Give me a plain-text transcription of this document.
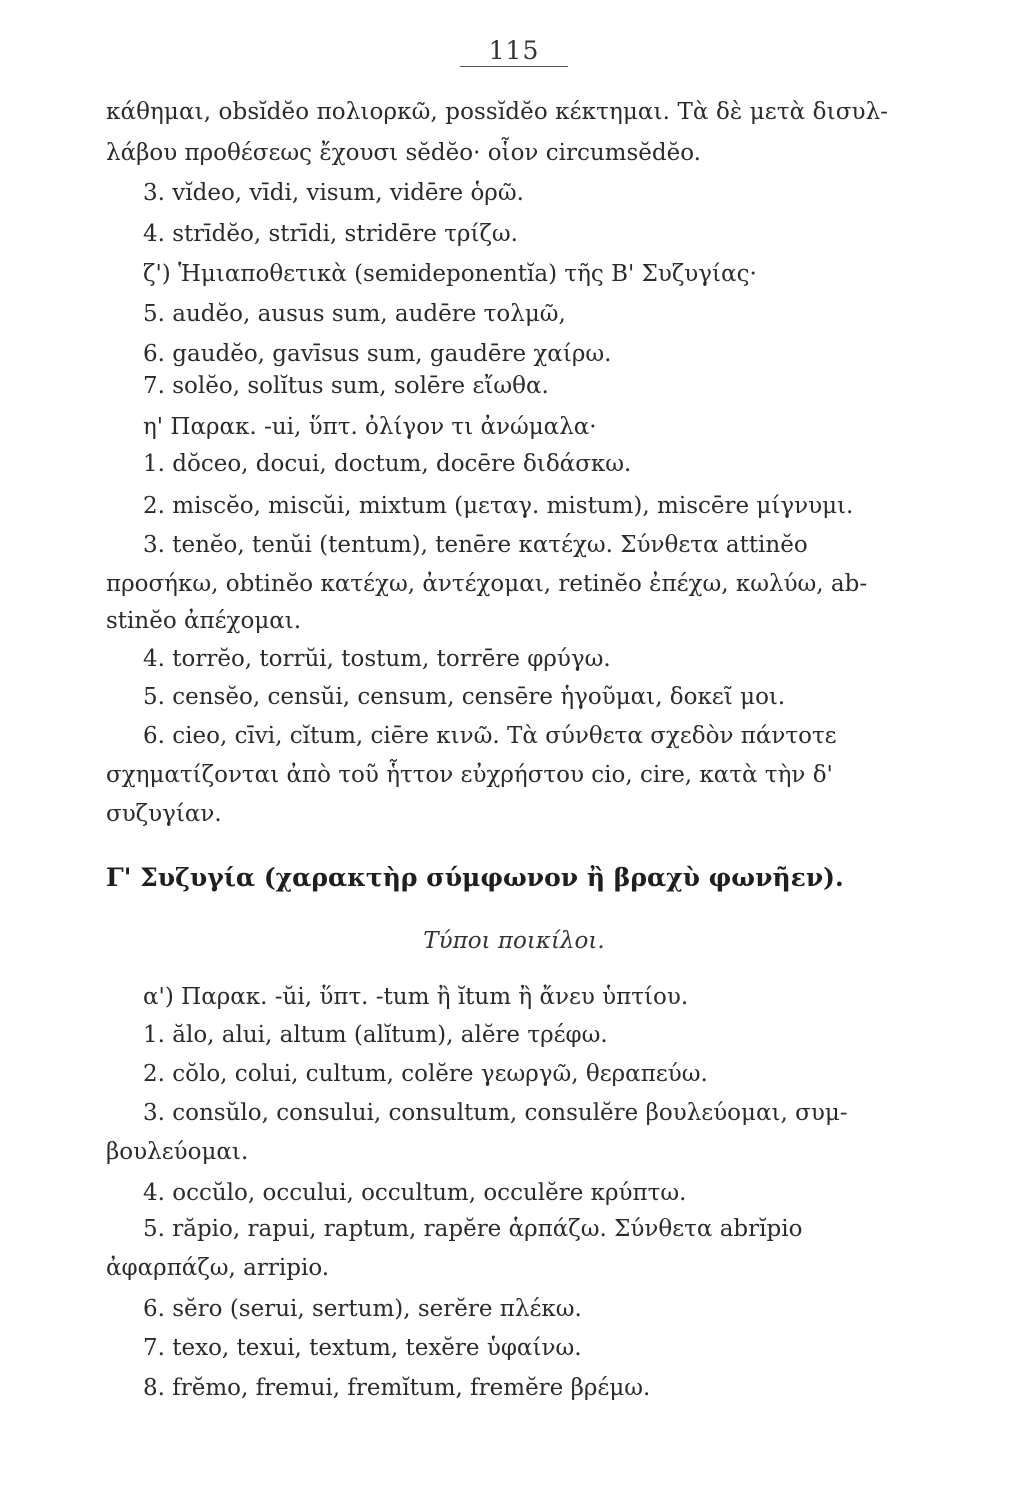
115
κάθημαι, obsĭdĕo πολιορκῶ, possĭdĕo κέκτημαι. Τὰ δὲ μετὰ δισυλ-
λάβου προθέσεως ἔχουσι sĕdĕo· οἷον circumsĕdĕo.
3. vĭdeo, vīdi, visum, vidēre ὁρῶ.
4. strīdĕo, strīdi, stridēre τρίζω.
ζ') Ἡμιαποθετικὰ (semideponentĭa) τῆς Β' Συζυγίας·
5. audĕo, ausus sum, audēre τολμῶ,
6. gaudĕo, gavīsus sum, gaudēre χαίρω.
7. solĕo, solĭtus sum, solēre εἴωθα.
η' Παρακ. -ui, ὕπτ. ὀλίγον τι ἀνώμαλα·
1. dŏceo, docui, doctum, docēre διδάσκω.
2. miscĕo, miscŭi, mixtum (μεταγ. mistum), miscēre μίγνυμι.
3. tenĕo, tenŭi (tentum), tenēre κατέχω. Σύνθετα attinĕo
προσήκω, obtinĕo κατέχω, ἀντέχομαι, retinĕo ἐπέχω, κωλύω, ab-
stinĕo ἀπέχομαι.
4. torrĕo, torrŭi, tostum, torrēre φρύγω.
5. censĕo, censŭi, censum, censēre ἡγοῦμαι, δοκεῖ μοι.
6. cieo, cīvi, cĭtum, ciēre κινῶ. Τὰ σύνθετα σχεδὸν πάντοτε
σχηματίζονται ἀπὸ τοῦ ἧττον εὐχρήστου cio, cire, κατὰ τὴν δ'
συζυγίαν.
Γ' Συζυγία (χαρακτὴρ σύμφωνον ἢ βραχὺ φωνῆεν).
Τύποι ποικίλοι.
α') Παρακ. -ŭi, ὕπτ. -tum ἢ ĭtum ἢ ἄνευ ὑπτίου.
1. ălo, alui, altum (alĭtum), alĕre τρέφω.
2. cŏlo, colui, cultum, colĕre γεωργῶ, θεραπεύω.
3. consŭlo, consului, consultum, consulĕre βουλεύομαι, συμ-
βουλεύομαι.
4. occŭlo, occului, occultum, occulĕre κρύπτω.
5. răpio, rapui, raptum, rapĕre ἁρπάζω. Σύνθετα abrĭpio
ἀφαρπάζω, arripio.
6. sĕro (serui, sertum), serĕre πλέκω.
7. texo, texui, textum, texĕre ὑφαίνω.
8. frĕmo, fremui, fremĭtum, fremĕre βρέμω.
